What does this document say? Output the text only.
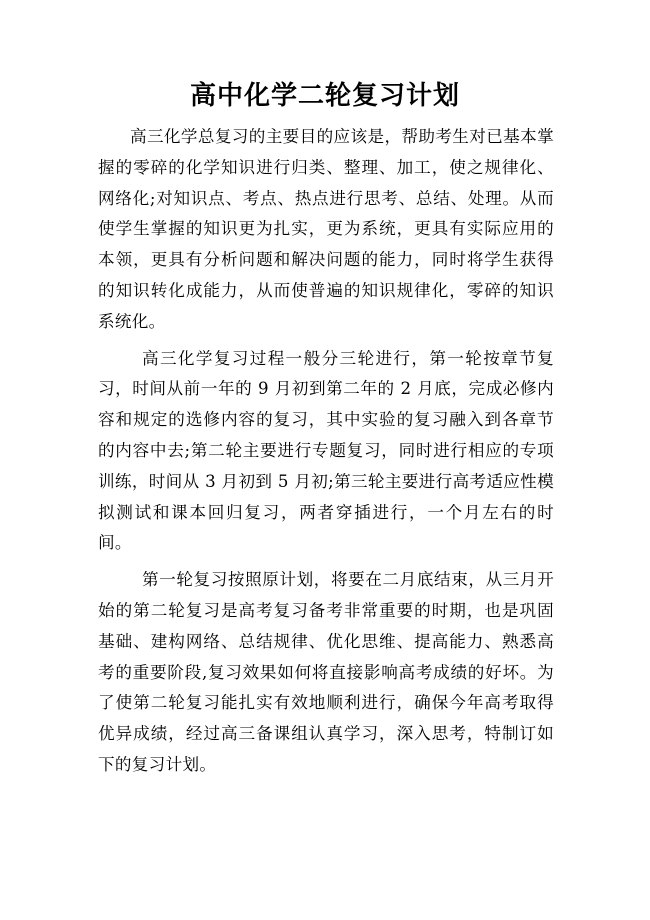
高中化学二轮复习计划

高三化学总复习的主要目的应该是，帮助考生对已基本掌握的零碎的化学知识进行归类、整理、加工，使之规律化、网络化;对知识点、考点、热点进行思考、总结、处理。从而使学生掌握的知识更为扎实，更为系统，更具有实际应用的本领，更具有分析问题和解决问题的能力，同时将学生获得的知识转化成能力，从而使普遍的知识规律化，零碎的知识系统化。

高三化学复习过程一般分三轮进行，第一轮按章节复习，时间从前一年的 9 月初到第二年的 2 月底，完成必修内容和规定的选修内容的复习，其中实验的复习融入到各章节的内容中去;第二轮主要进行专题复习，同时进行相应的专项训练，时间从 3 月初到 5 月初;第三轮主要进行高考适应性模拟测试和课本回归复习，两者穿插进行，一个月左右的时间。

第一轮复习按照原计划，将要在二月底结束，从三月开始的第二轮复习是高考复习备考非常重要的时期，也是巩固基础、建构网络、总结规律、优化思维、提高能力、熟悉高考的重要阶段,复习效果如何将直接影响高考成绩的好坏。为了使第二轮复习能扎实有效地顺利进行，确保今年高考取得优异成绩，经过高三备课组认真学习，深入思考，特制订如下的复习计划。
